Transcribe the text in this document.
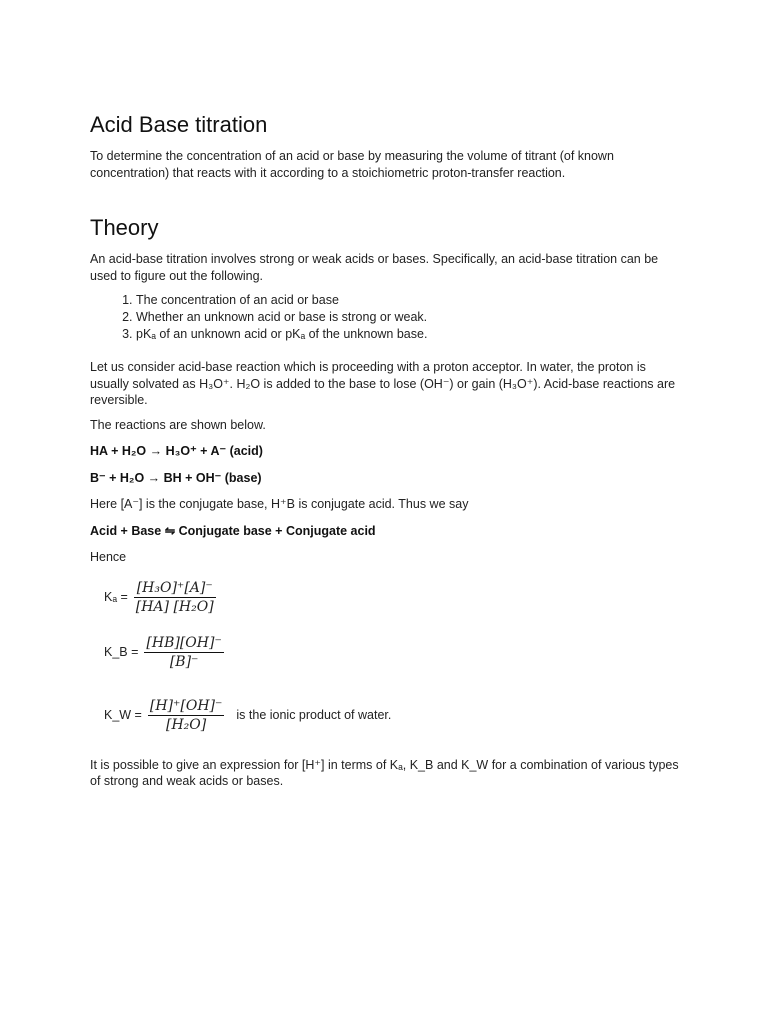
Acid Base titration

To determine the concentration of an acid or base by measuring the volume of titrant (of known concentration) that reacts with it according to a stoichiometric proton-transfer reaction.

Theory

An acid-base titration involves strong or weak acids or bases. Specifically, an acid-base titration can be used to figure out the following.

1. The concentration of an acid or base
2. Whether an unknown acid or base is strong or weak.
3. pKₐ of an unknown acid or pKₐ of the unknown base.

Let us consider acid-base reaction which is proceeding with a proton acceptor. In water, the proton is usually solvated as H₃O⁺. H₂O is added to the base to lose (OH⁻) or gain (H₃O⁺). Acid-base reactions are reversible.

The reactions are shown below.

HA + H₂O → H₃O⁺ + A⁻ (acid)
B⁻ + H₂O → BH + OH⁻ (base)

Here [A⁻] is the conjugate base, H⁺B is conjugate acid. Thus we say

Acid + Base ⇋ Conjugate base + Conjugate acid

Hence

$K_a = \frac{\text{[H₃O]⁺[A]⁻}}{\text{[HA] [H₂O]}}$
K_B = $\frac{[HB][OH]^-}{[B]^-}$
K_W = $\frac{[H]^+[OH]^-}{\text{[H₂O]}}$ is the ionic product of water.

It is possible to give an expression for [H⁺] in terms of Kₐ, K_B and K_W for a combination of various types of strong and weak acids or bases.
